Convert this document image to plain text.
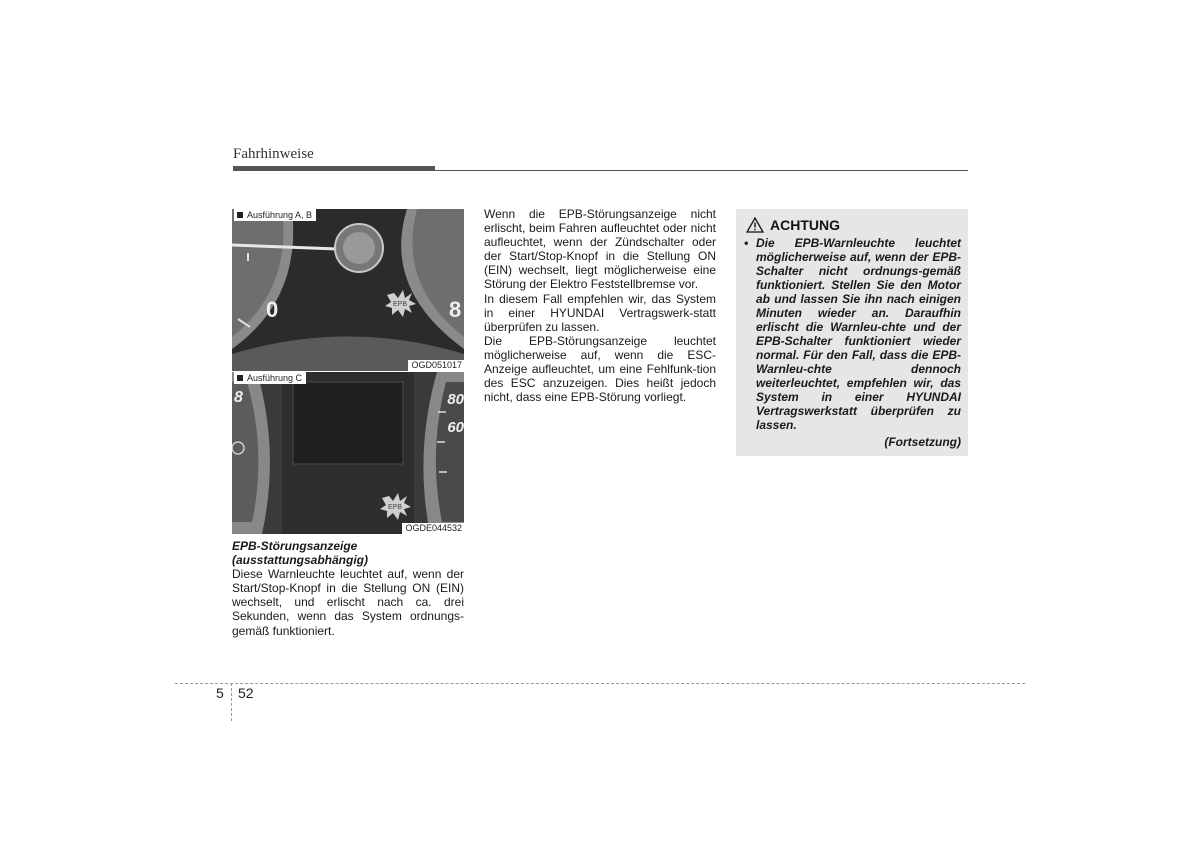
Fahrhinweise
0	8
EPB
Ausführung A, B
OGD051017
8	80
60
EPB
Ausführung C
OGDE044532

EPB-Störungsanzeige

(ausstattungsabhängig)

Diese Warnleuchte leuchtet auf, wenn der Start/Stop-Knopf in die Stellung ON (EIN) wechselt, und erlischt nach ca. drei Sekunden, wenn das System ordnungs-gemäß funktioniert.

Wenn die EPB-Störungsanzeige nicht erlischt, beim Fahren aufleuchtet oder nicht aufleuchtet, wenn der Zündschalter oder der Start/Stop-Knopf in die Stellung ON (EIN) wechselt, liegt möglicherweise eine Störung der Elektro Feststellbremse vor.

In diesem Fall empfehlen wir, das System in einer HYUNDAI Vertragswerk-statt überprüfen zu lassen.

Die EPB-Störungsanzeige leuchtet möglicherweise auf, wenn die ESC-Anzeige aufleuchtet, um eine Fehlfunk-tion des ESC anzuzeigen. Dies heißt jedoch nicht, dass eine EPB-Störung vorliegt.

ACHTUNG
• Die EPB-Warnleuchte leuchtet möglicherweise auf, wenn der EPB-Schalter nicht ordnungs-gemäß funktioniert. Stellen Sie den Motor ab und lassen Sie ihn nach einigen Minuten wieder an. Daraufhin erlischt die Warnleu-chte und der EPB-Schalter funktioniert wieder normal. Für den Fall, dass die EPB-Warnleu-chte dennoch weiterleuchtet, empfehlen wir, das System in einer HYUNDAI Vertragswerkstatt überprüfen zu lassen.
(Fortsetzung)
5 52
